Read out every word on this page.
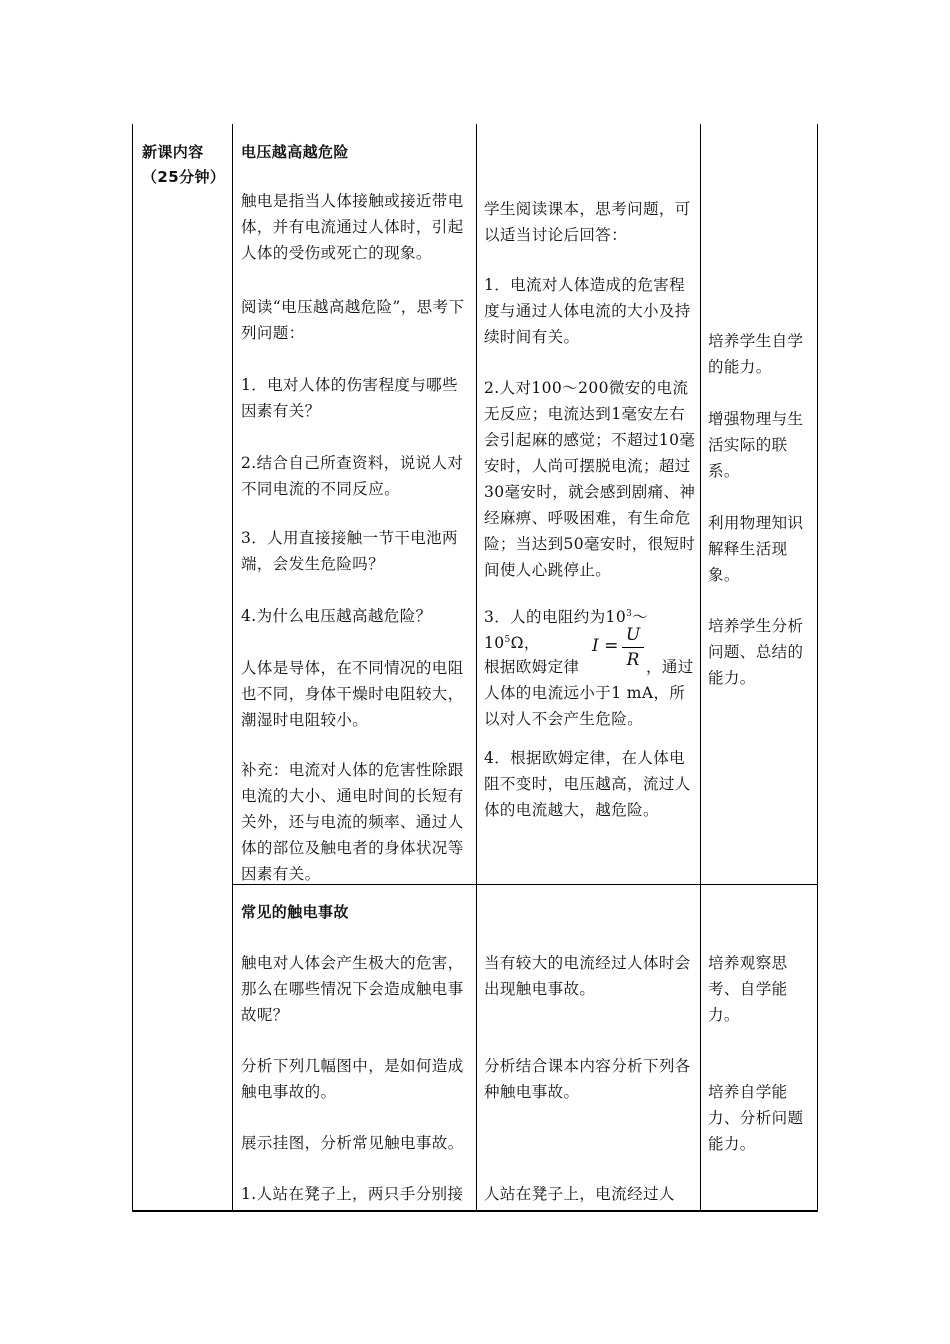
新课内容
（25分钟）
电压越高越危险
触电是指当人体接触或接近带电体，并有电流通过人体时，引起人体的受伤或死亡的现象。
阅读“电压越高越危险”，思考下列问题：
1．电对人体的伤害程度与哪些因素有关？
2.结合自己所查资料，说说人对不同电流的不同反应。
3．人用直接接触一节干电池两端，会发生危险吗？
4.为什么电压越高越危险？
人体是导体，在不同情况的电阻也不同，身体干燥时电阻较大，潮湿时电阻较小。
补充：电流对人体的危害性除跟电流的大小、通电时间的长短有关外，还与电流的频率、通过人体的部位及触电者的身体状况等因素有关。
学生阅读课本，思考问题，可以适当讨论后回答：
1．电流对人体造成的危害程度与通过人体电流的大小及持续时间有关。
2.人对100～200微安的电流无反应；电流达到1毫安左右会引起麻的感觉；不超过10毫安时，人尚可摆脱电流；超过30毫安时，就会感到剧痛、神经麻痹、呼吸困难，有生命危险；当达到50毫安时，很短时间使人心跳停止。
3．人的电阻约为$10^3\sim 10^5\Omega$，	I =
U
R
根据欧姆定律	，通过人体的电流远小于1 mA，所以对人不会产生危险。
4．根据欧姆定律，在人体电阻不变时，电压越高，流过人体的电流越大，越危险。
培养学生自学的能力。
增强物理与生活实际的联系。
利用物理知识解释生活现象。
培养学生分析问题、总结的能力。
常见的触电事故
触电对人体会产生极大的危害，那么在哪些情况下会造成触电事故呢？
分析下列几幅图中，是如何造成触电事故的。
展示挂图，分析常见触电事故。
1.人站在凳子上，两只手分别接
当有较大的电流经过人体时会出现触电事故。
分析结合课本内容分析下列各种触电事故。
人站在凳子上，电流经过人
培养观察思考、自学能力。
培养自学能力、分析问题能力。
